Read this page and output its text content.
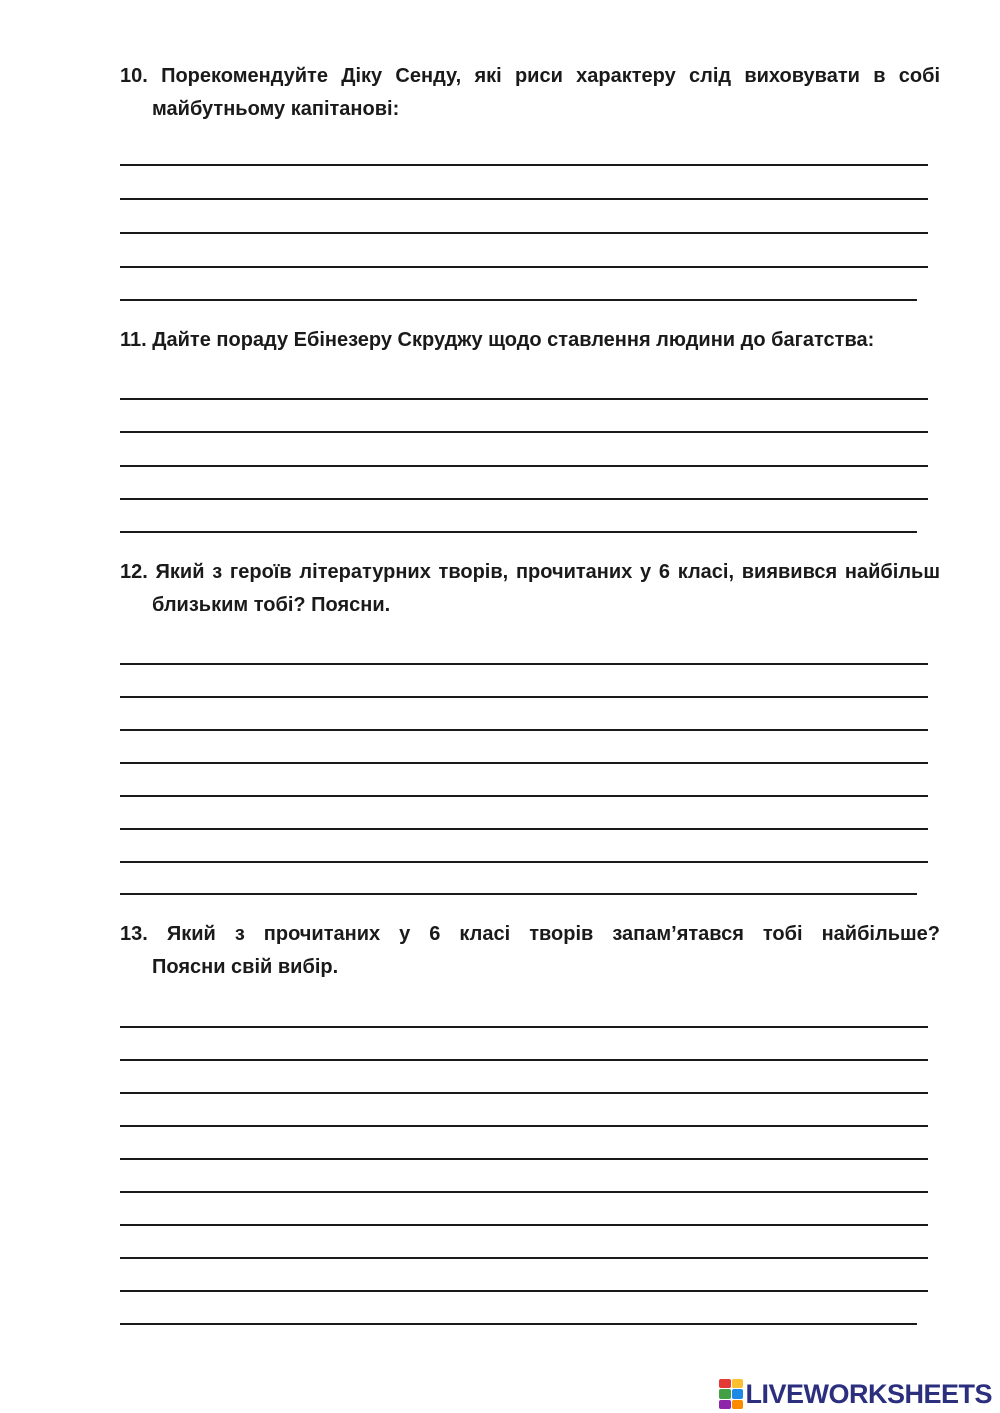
10. Порекомендуйте Діку Сенду, які риси характеру слід виховувати в собі
майбутньому капітанові:
11. Дайте пораду Ебінезеру Скруджу щодо ставлення людини до багатства:
12. Який з героїв літературних творів, прочитаних у 6 класі, виявився найбільш
близьким тобі? Поясни.
13. Який з прочитаних у 6 класі творів запам’ятався тобі найбільше?
Поясни свій вибір.
LIVEWORKSHEETS
